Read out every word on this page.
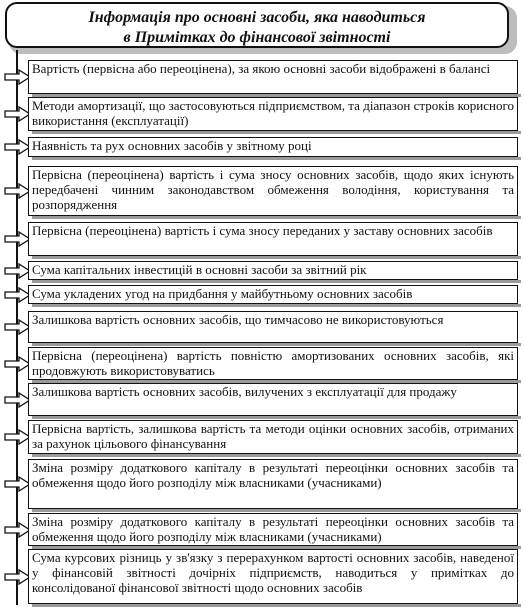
Інформація про основні засоби, яка наводиться
в Примітках до фінансової звітності
Вартість (первісна або переоцінена), за якою основні засоби відображені в балансі
Методи амортизації, що застосовуються підприємством, та діапазон строків корисного використання (експлуатації)
Наявність та рух основних засобів у звітному році
Первісна (переоцінена) вартість і сума зносу основних засобів, щодо яких існують передбачені чинним законодавством обмеження володіння, користування та розпорядження
Первісна (переоцінена) вартість і сума зносу переданих у заставу основних засобів
Сума капітальних інвестицій в основні засоби за звітний рік
Сума укладених угод на придбання у майбутньому основних засобів
Залишкова вартість основних засобів, що тимчасово не використовуються
Первісна (переоцінена) вартість повністю амортизованих основних засобів, які продовжують використовуватись
Залишкова вартість основних засобів, вилучених з експлуатації для продажу
Первісна вартість, залишкова вартість та методи оцінки основних засобів, отриманих за рахунок цільового фінансування
Зміна розміру додаткового капіталу в результаті переоцінки основних засобів та обмеження щодо його розподілу між власниками (учасниками)
Зміна розміру додаткового капіталу в результаті переоцінки основних засобів та обмеження щодо його розподілу між власниками (учасниками)
Сума курсових різниць у зв'язку з перерахунком вартості основних засобів, наведеної у фінансовій звітності дочірніх підприємств, наводиться у примітках до консолідованої фінансової звітності щодо основних засобів
